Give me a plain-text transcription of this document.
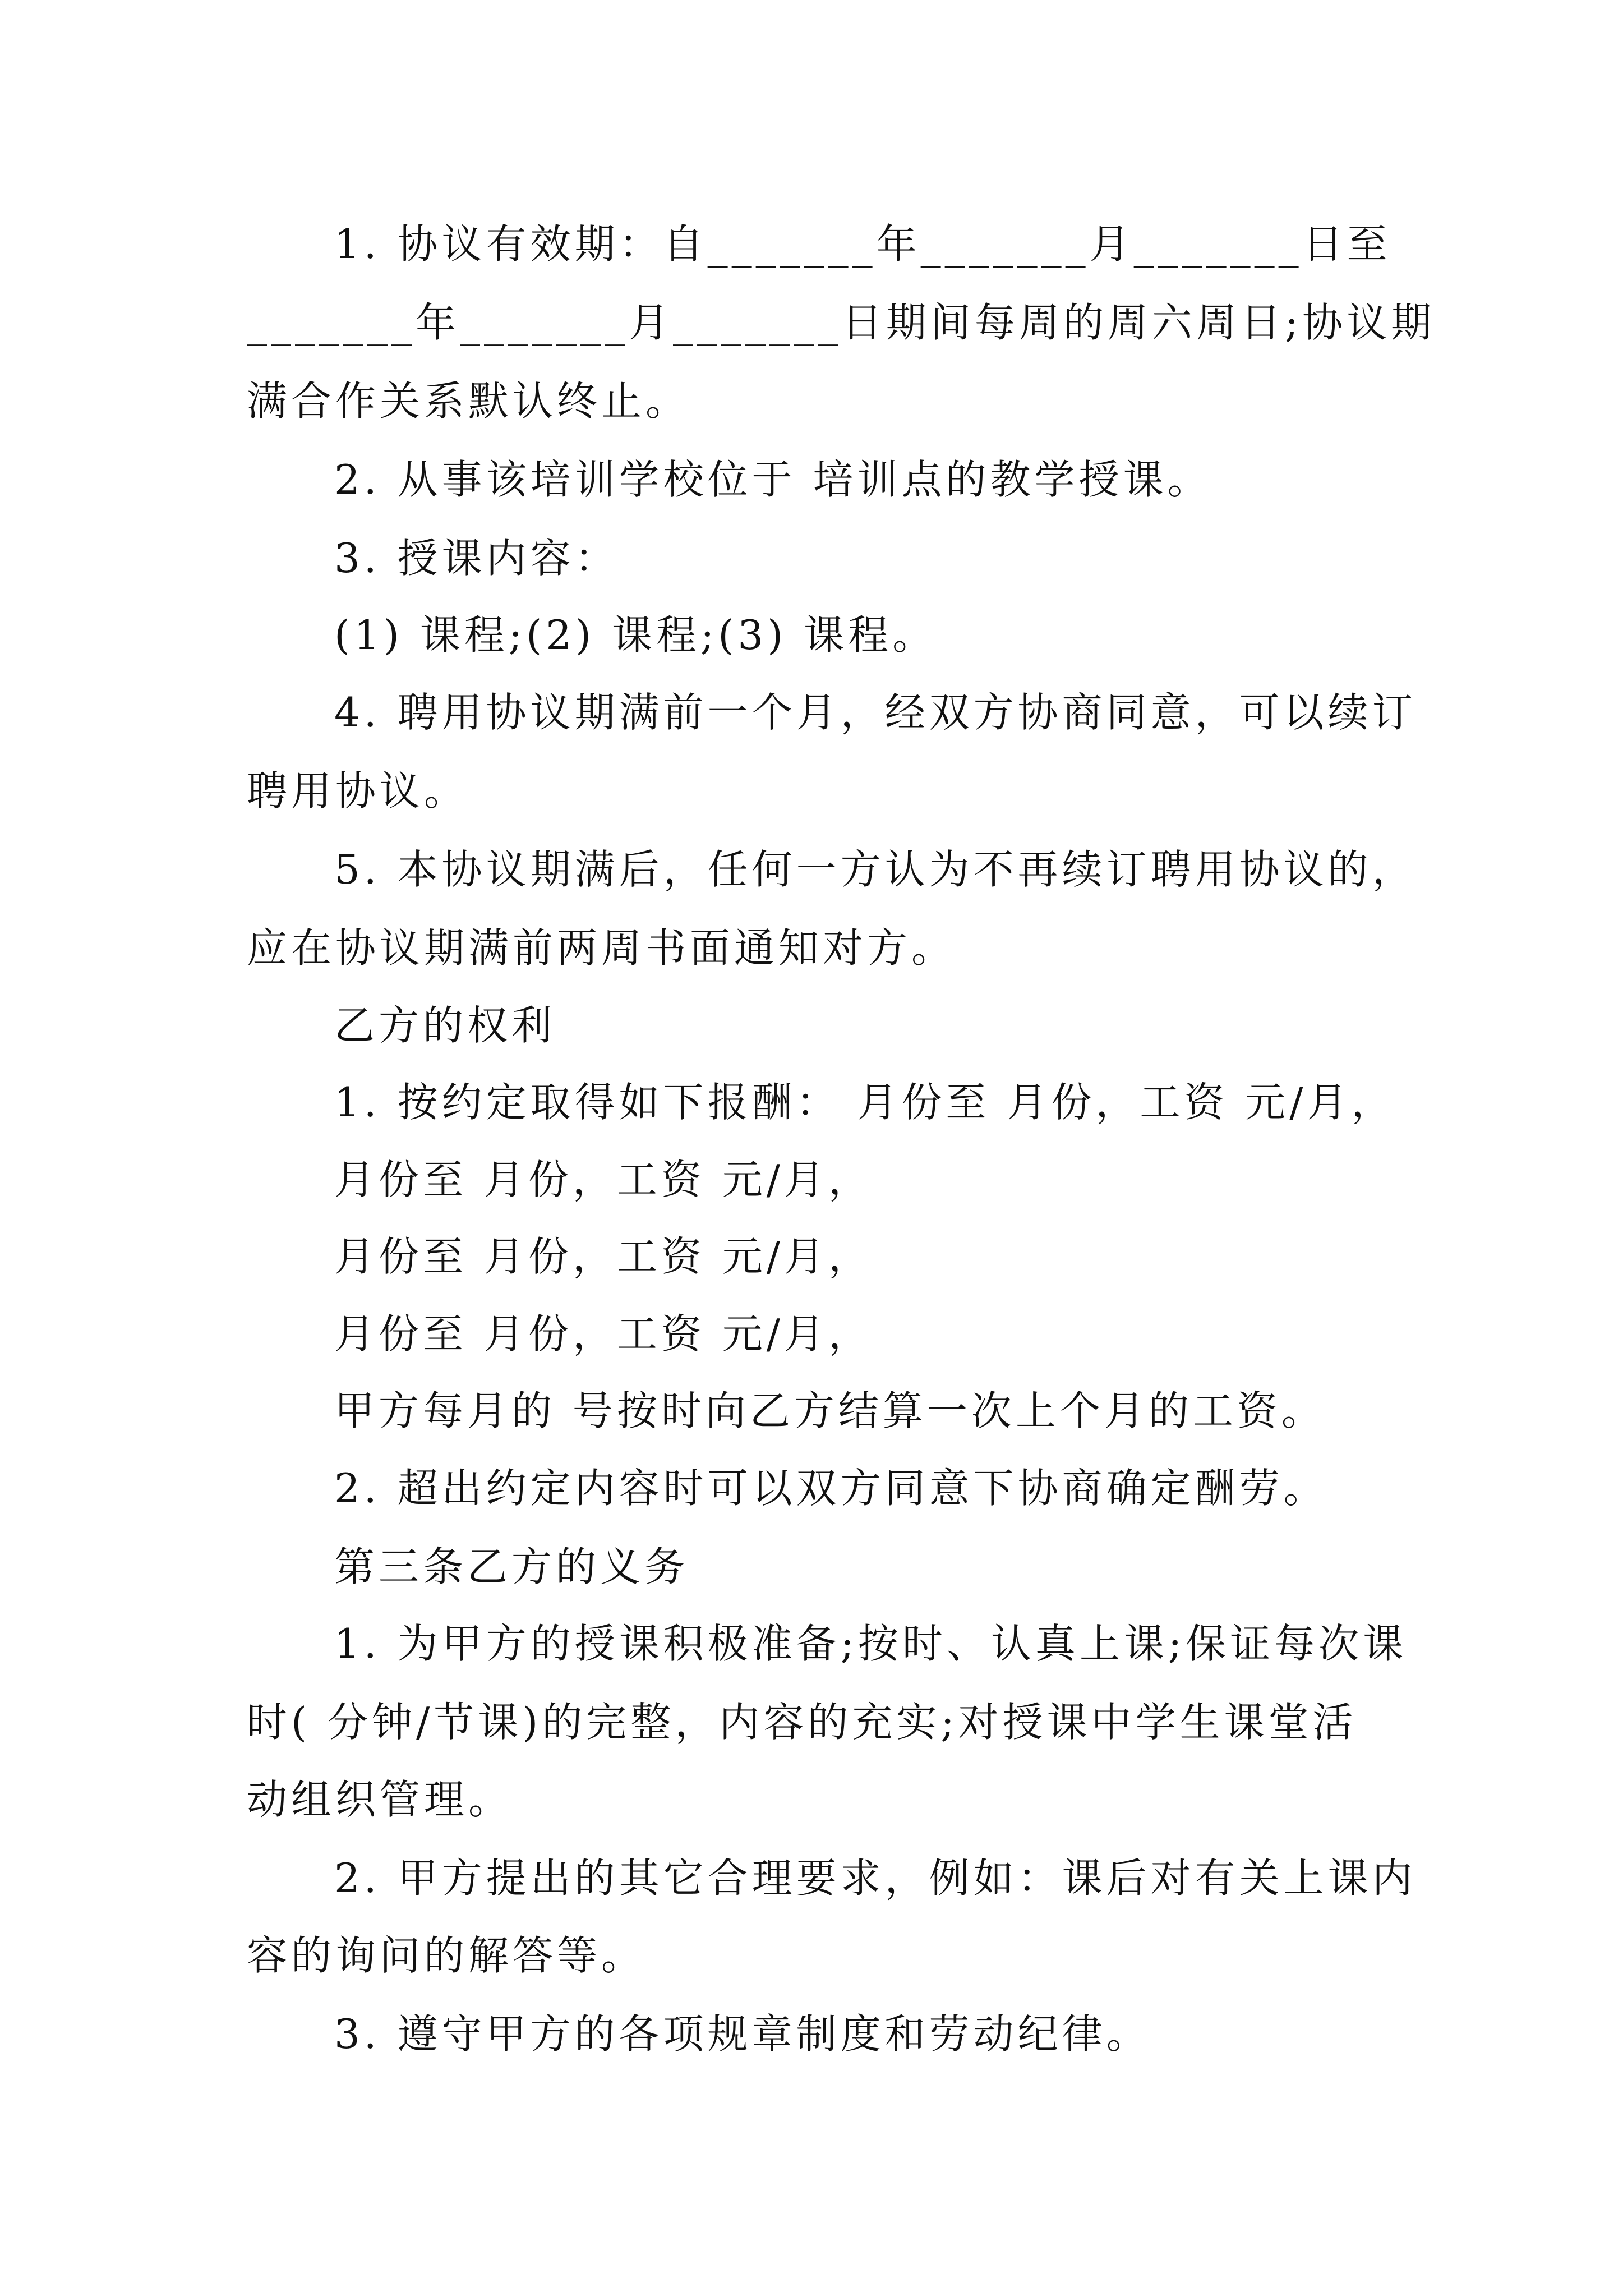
1. 协议有效期：自_______年_______月_______日至
_______年_______月_______日期间每周的周六周日;协议期
满合作关系默认终止。
2. 从事该培训学校位于 培训点的教学授课。
3. 授课内容：
(1) 课程;(2) 课程;(3) 课程。
4. 聘用协议期满前一个月，经双方协商同意，可以续订
聘用协议。
5. 本协议期满后，任何一方认为不再续订聘用协议的，
应在协议期满前两周书面通知对方。
乙方的权利
1. 按约定取得如下报酬： 月份至 月份，工资 元/月，
月份至 月份，工资 元/月，
月份至 月份，工资 元/月，
月份至 月份，工资 元/月，
甲方每月的 号按时向乙方结算一次上个月的工资。
2. 超出约定内容时可以双方同意下协商确定酬劳。
第三条乙方的义务
1. 为甲方的授课积极准备;按时、认真上课;保证每次课
时( 分钟/节课)的完整，内容的充实;对授课中学生课堂活
动组织管理。
2. 甲方提出的其它合理要求，例如：课后对有关上课内
容的询问的解答等。
3. 遵守甲方的各项规章制度和劳动纪律。
